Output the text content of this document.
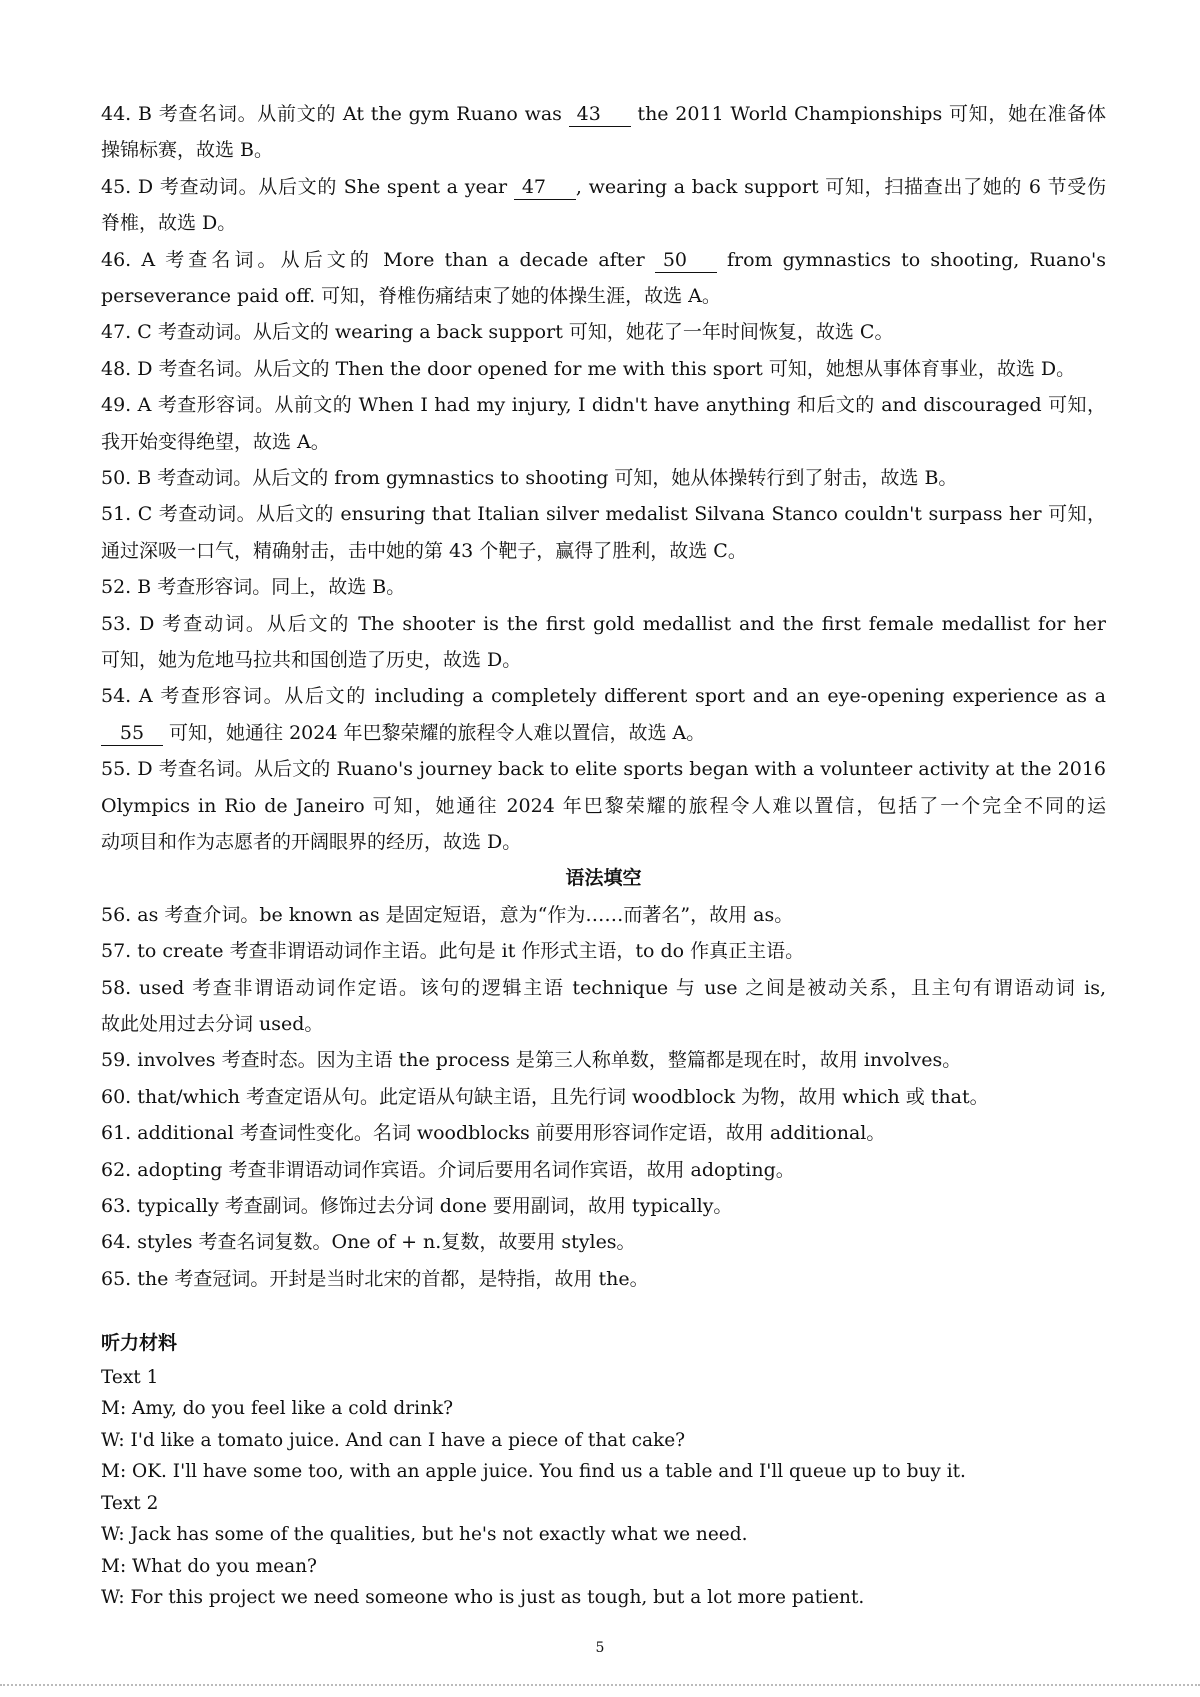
44. B 考查名词。从前文的 At the gym Ruano was 43 the 2011 World Championships 可知，她在准备体
操锦标赛，故选 B。
45. D 考查动词。从后文的 She spent a year 47 , wearing a back support 可知，扫描查出了她的 6 节受伤
脊椎，故选 D。
46. A 考查名词。从后文的 More than a decade after 50 from gymnastics to shooting, Ruano's
perseverance paid off. 可知，脊椎伤痛结束了她的体操生涯，故选 A。
47. C 考查动词。从后文的 wearing a back support 可知，她花了一年时间恢复，故选 C。
48. D 考查名词。从后文的 Then the door opened for me with this sport 可知，她想从事体育事业，故选 D。
49. A 考查形容词。从前文的 When I had my injury, I didn't have anything 和后文的 and discouraged 可知，
我开始变得绝望，故选 A。
50. B 考查动词。从后文的 from gymnastics to shooting 可知，她从体操转行到了射击，故选 B。
51. C 考查动词。从后文的 ensuring that Italian silver medalist Silvana Stanco couldn't surpass her 可知，
通过深吸一口气，精确射击，击中她的第 43 个靶子，赢得了胜利，故选 C。
52. B 考查形容词。同上，故选 B。
53. D 考查动词。从后文的 The shooter is the first gold medallist and the first female medallist for her
可知，她为危地马拉共和国创造了历史，故选 D。
54. A 考查形容词。从后文的 including a completely different sport and an eye-opening experience as a
55 可知，她通往 2024 年巴黎荣耀的旅程令人难以置信，故选 A。
55. D 考查名词。从后文的 Ruano's journey back to elite sports began with a volunteer activity at the 2016
Olympics in Rio de Janeiro 可知，她通往 2024 年巴黎荣耀的旅程令人难以置信，包括了一个完全不同的运
动项目和作为志愿者的开阔眼界的经历，故选 D。
语法填空
56. as 考查介词。be known as 是固定短语，意为“作为……而著名”，故用 as。
57. to create 考查非谓语动词作主语。此句是 it 作形式主语，to do 作真正主语。
58. used 考查非谓语动词作定语。该句的逻辑主语 technique 与 use 之间是被动关系，且主句有谓语动词 is,
故此处用过去分词 used。
59. involves 考查时态。因为主语 the process 是第三人称单数，整篇都是现在时，故用 involves。
60. that/which 考查定语从句。此定语从句缺主语，且先行词 woodblock 为物，故用 which 或 that。
61. additional 考查词性变化。名词 woodblocks 前要用形容词作定语，故用 additional。
62. adopting 考查非谓语动词作宾语。介词后要用名词作宾语，故用 adopting。
63. typically 考查副词。修饰过去分词 done 要用副词，故用 typically。
64. styles 考查名词复数。One of + n.复数，故要用 styles。
65. the 考查冠词。开封是当时北宋的首都，是特指，故用 the。
听力材料
Text 1
M: Amy, do you feel like a cold drink?
W: I'd like a tomato juice. And can I have a piece of that cake?
M: OK. I'll have some too, with an apple juice. You find us a table and I'll queue up to buy it.
Text 2
W: Jack has some of the qualities, but he's not exactly what we need.
M: What do you mean?
W: For this project we need someone who is just as tough, but a lot more patient.
5
